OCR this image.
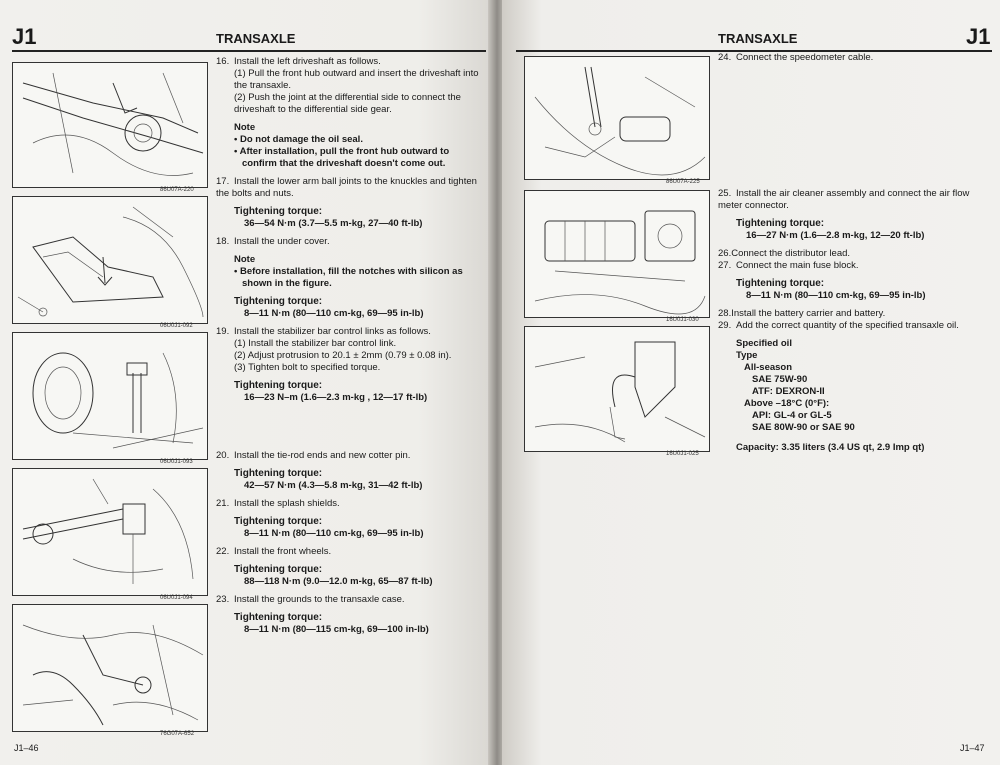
J1	TRANSAXLE
86U07A-220
06U0J1-092
06U0J1-093
06U0J1-094
76G07A-652
16. Install the left driveshaft as follows.
(1) Pull the front hub outward and insert the driveshaft into the transaxle.
(2) Push the joint at the differential side to connect the driveshaft to the differential side gear.
Note
• Do not damage the oil seal.
• After installation, pull the front hub outward to confirm that the driveshaft doesn't come out.
17. Install the lower arm ball joints to the knuckles and tighten the bolts and nuts.
Tightening torque:
36—54 N·m (3.7—5.5 m-kg, 27—40 ft-lb)
18. Install the under cover.
Note
• Before installation, fill the notches with silicon as shown in the figure.
Tightening torque:
8—11 N·m (80—110 cm-kg, 69—95 in-lb)
19. Install the stabilizer bar control links as follows.
(1) Install the stabilizer bar control link.
(2) Adjust protrusion to 20.1 ± 2mm (0.79 ± 0.08 in).
(3) Tighten bolt to specified torque.
Tightening torque:
16—23 N–m (1.6—2.3 m-kg , 12—17 ft-lb)
20. Install the tie-rod ends and new cotter pin.
Tightening torque:
42—57 N·m (4.3—5.8 m-kg, 31—42 ft-lb)
21. Install the splash shields.
Tightening torque:
8—11 N·m (80—110 cm-kg, 69—95 in-lb)
22. Install the front wheels.
Tightening torque:
88—118 N·m (9.0—12.0 m-kg, 65—87 ft-lb)
23. Install the grounds to the transaxle case.
Tightening torque:
8—11 N·m (80—115 cm-kg, 69—100 in-lb)
J1–46
TRANSAXLE	J1
86U07A-225
16U0J1-030
16U0J1-025
24. Connect the speedometer cable.
25. Install the air cleaner assembly and connect the air flow meter connector.
Tightening torque:
16—27 N·m (1.6—2.8 m-kg, 12—20 ft-lb)
26.Connect the distributor lead.
27. Connect the main fuse block.
Tightening torque:
8—11 N·m (80—110 cm-kg, 69—95 in-lb)
28.Install the battery carrier and battery.
29. Add the correct quantity of the specified transaxle oil.
Specified oil
Type
All-season
SAE 75W-90
ATF: DEXRON-II
Above –18°C (0°F):
API: GL-4 or GL-5
SAE 80W-90 or SAE 90
Capacity: 3.35 liters (3.4 US qt, 2.9 Imp qt)
J1–47
